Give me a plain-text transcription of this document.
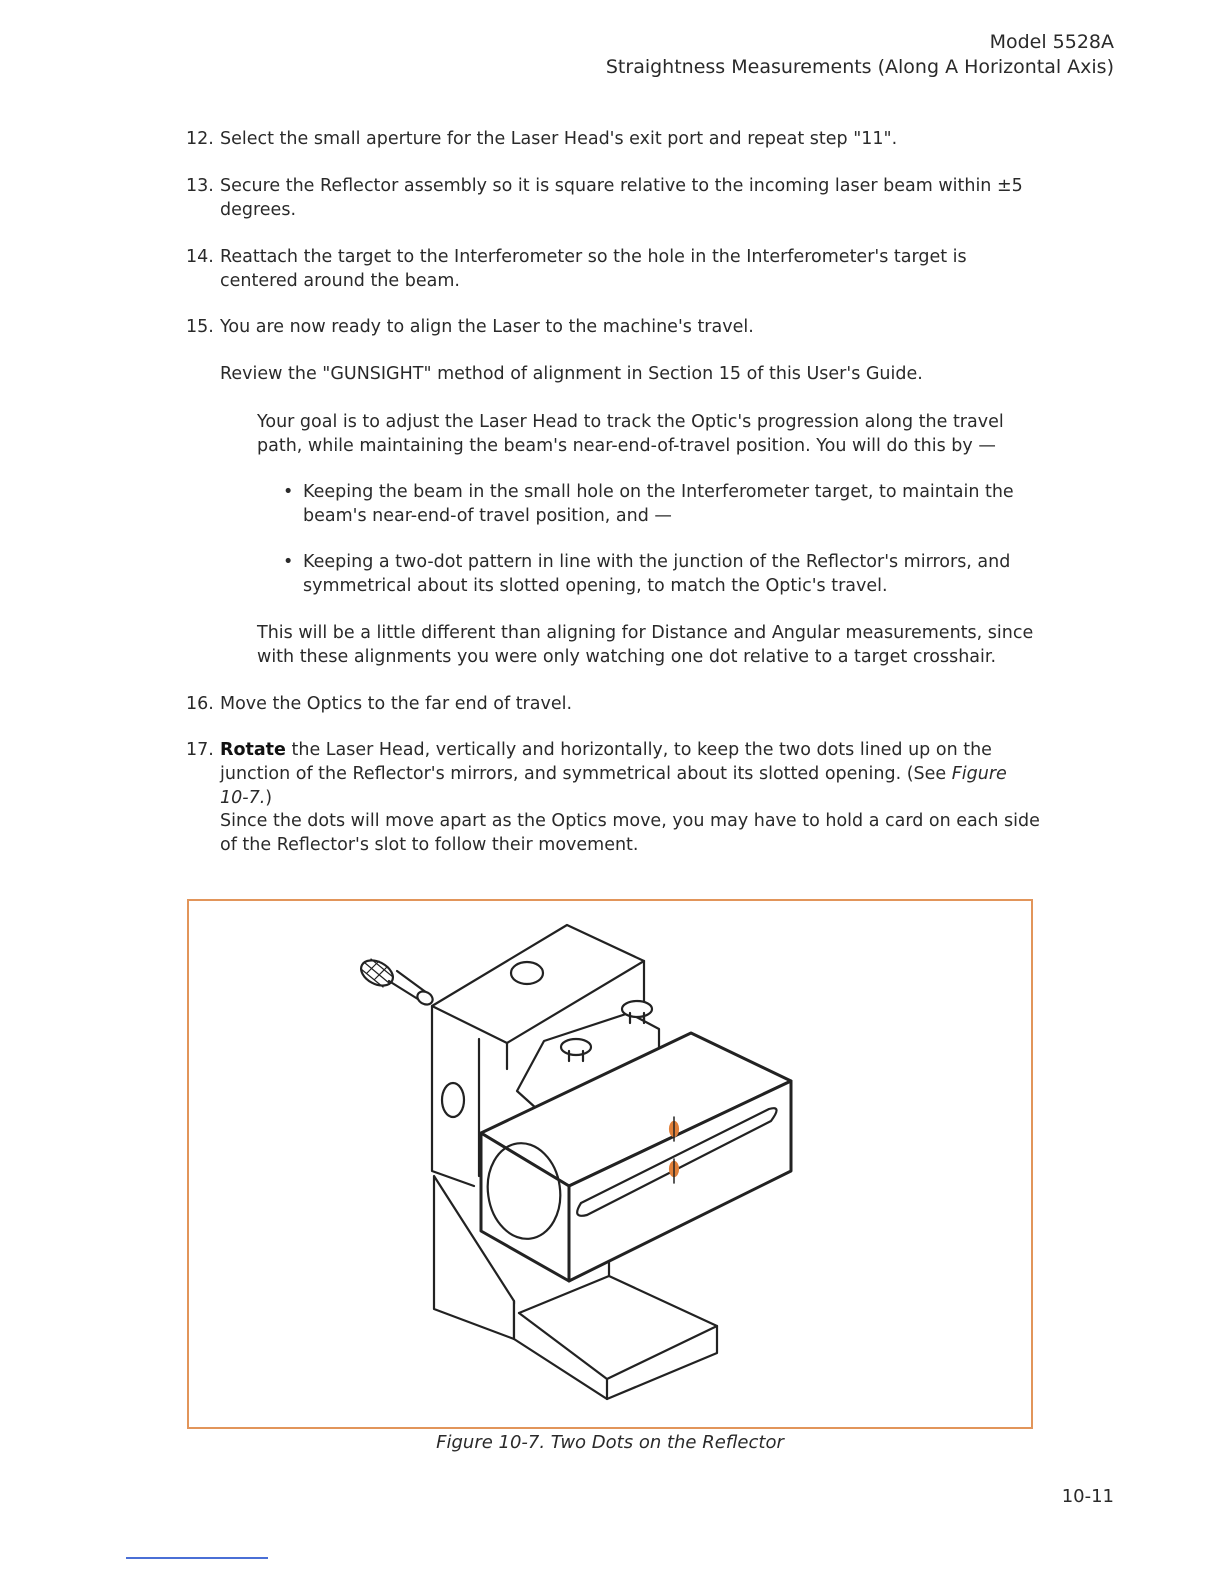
Model 5528A
Straightness Measurements (Along A Horizontal Axis)
12. Select the small aperture for the Laser Head's exit port and repeat step "11".
13. Secure the Reflector assembly so it is square relative to the incoming laser beam within ±5 degrees.
14. Reattach the target to the Interferometer so the hole in the Interferometer's target is centered around the beam.
15. You are now ready to align the Laser to the machine's travel.
Review the "GUNSIGHT" method of alignment in Section 15 of this User's Guide.
Your goal is to adjust the Laser Head to track the Optic's progression along the travel path, while maintaining the beam's near-end-of-travel position. You will do this by —
• Keeping the beam in the small hole on the Interferometer target, to maintain the beam's near-end-of travel position, and —
• Keeping a two-dot pattern in line with the junction of the Reflector's mirrors, and symmetrical about its slotted opening, to match the Optic's travel.
This will be a little different than aligning for Distance and Angular measurements, since with these alignments you were only watching one dot relative to a target crosshair.
16. Move the Optics to the far end of travel.
17. Rotate the Laser Head, vertically and horizontally, to keep the two dots lined up on the junction of the Reflector's mirrors, and symmetrical about its slotted opening. (See Figure 10-7.)
Since the dots will move apart as the Optics move, you may have to hold a card on each side of the Reflector's slot to follow their movement.
Figure 10-7. Two Dots on the Reflector
10-11
